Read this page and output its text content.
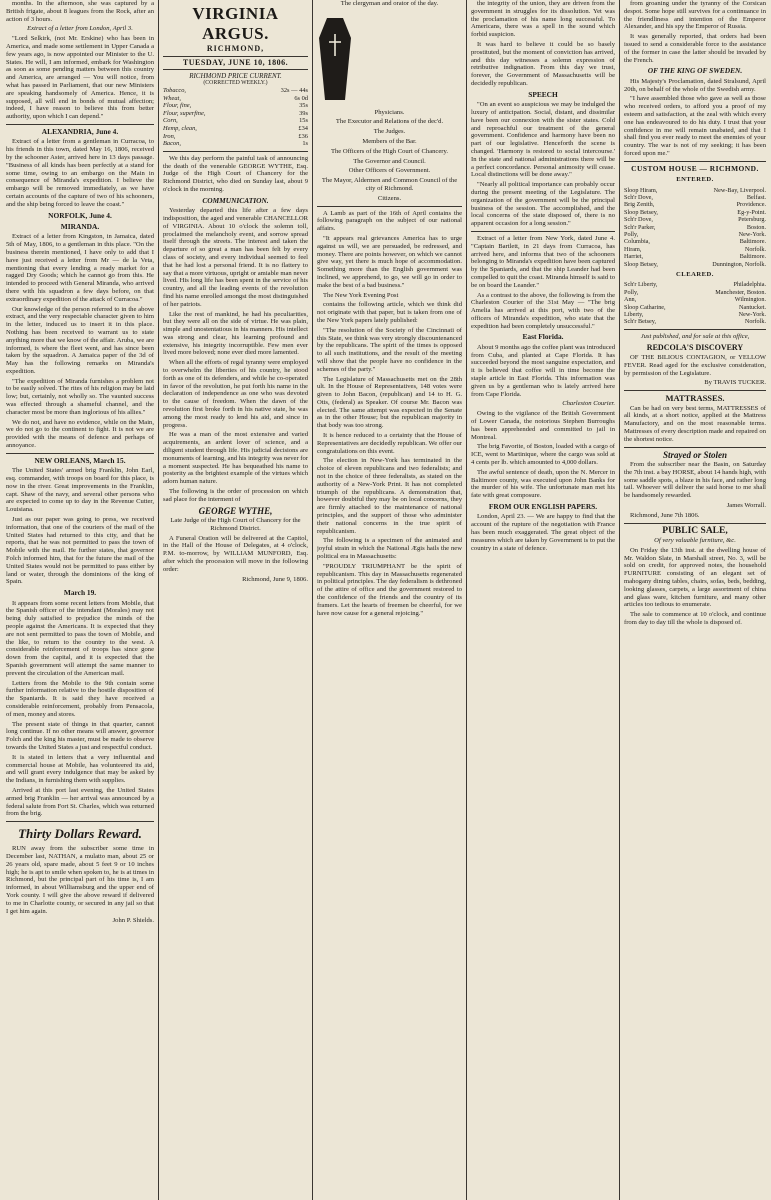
months. In the afternoon, she was captured by a British frigate, about 8 leagues from the Rock, after an action of 3 hours.

Extract of a letter from London, April 3.

"Lord Selkirk, (not Mr. Erskine) who has been in America, and made some settlement in Upper Canada a few years ago, is now appointed our Minister to the U. States. He will, I am informed, embark for Washington as soon as some pending matters between this country and America, are arranged — You will notice, from what has passed in Parliament, that our new Ministers are speaking handsomely of America. Hence, it is supposed, all will end in bonds of mutual affection; indeed, I have reason to believe this from better authority, upon which I can depend."

ALEXANDRIA, June 4.

Extract of a letter from a gentleman in Curracoa, to his friends in this town, dated May 16, 1806, received by the schooner Aster, arrived here in 13 days passage. "Business of all kinds has been perfectly at a stand for some time, owing to an embargo on the Main in consequence of Miranda's expedition. I believe the embargo will be removed immediately, as we have certain accounts of the capture of two of his schooners, and the ship being forced to leave the coast."

NORFOLK, June 4.
MIRANDA.

Extract of a letter from Kingston, in Jamaica, dated 5th of May, 1806, to a gentleman in this place. "On the business therein mentioned, I have only to add that I have just received a letter from Mr — de la Veta, mentioning that every lending a ready market for a ragged Dry Goods; which he cannot go from this. He intended to proceed with General Miranda, who arrived there with his squadron a few days before, on that extraordinary expedition of the attack of Curracoa."

Our knowledge of the person referred to in the above extract, and the very respectable character given to him in the letter, induced us to insert it in this place. Nothing has been received to warrant us to state anything more that we know of the affair. Aruba, we are informed, is where the fleet went, and has since been taken by the squadron. A Jamaica paper of the 3d of May has the following remarks on Miranda's expedition.

"The expedition of Miranda furnishes a problem not to be easily solved. The rites of his religion may be laid low; but, certainly, not wholly so. The vaunted success was effected through a shameful channel, and the character most be more than inglorious of his allies."

We do not, and have no evidence, while on the Main, we do not go to the continent to fight. It is not we are provided with the means of defence and perhaps of annoyance.

NEW ORLEANS, March 15.

The United States' armed brig Franklin, John Earl, esq. commander, with troops on board for this place, is now in the river. Great improvements in the Franklin, capt. Shaw of the navy, and several other persons who are expected to come up to day in the Revenue Cutter, Louisiana.

Just as our paper was going to press, we received information, that one of the couriers of the mail of the United States had returned to this city, and that he reports, that he was not permitted to pass the town of Mobile with the mail. He further states, that governor Folch informed him, that for the future the mail of the United States would not be permitted to pass either by land or water, through the dominions of the king of Spain.

March 19.

It appears from some recent letters from Mobile, that the Spanish officer of the intendant (Morales) may not being duly satisfied to prejudice the minds of the people against the Americans. It is expected that they are not sent permitted to pass the town of Mobile, and the like, to return to the country to the west. A considerable reinforcement of troops has since gone down from the capital, and it is expected that the Spanish government will attempt the same manner to prevent the circulation of the American mail.

Letters from the Mobile to the 9th contain some further information relative to the hostile disposition of the Spaniards. It is said they have received a considerable reinforcement, probably from Pensacola, of men, money and stores.

The present state of things in that quarter, cannot long continue. If no other means will answer, governor Folch and the king his master, must be made to observe towards the United States a just and respectful conduct.

It is stated in letters that a very influential and commercial house at Mobile, has volunteered its aid, and will grant every indulgence that may be asked by the Indians, in furnishing them with supplies.

Arrived at this port last evening, the United States armed brig Franklin — her arrival was announced by a federal salute from Fort St. Charles, which was returned from the brig.

Thirty Dollars Reward.

RUN away from the subscriber some time in December last, NATHAN, a mulatto man, about 25 or 26 years old, spare made, about 5 feet 9 or 10 inches high; he is apt to smile when spoken to, he is at times in Richmond, but the principal part of his time is, I am informed, in about Williamsburg and the upper end of York county. I will give the above reward if delivered to me in Charlotte county, or secured in any jail so that I get him again.

John P. Shields.

VIRGINIA ARGUS.
RICHMOND,
TUESDAY, JUNE 10, 1806.
RICHMOND PRICE CURRENT.
(CORRECTED WEEKLY.)
Tobacco,	32s — 44s
Wheat,	6s 0d
Flour, fine,	35s
Flour, superfine,	39s
Corn,	15s
Hemp, clean,	£34
Iron,	£36
Bacon,	1s

We this day perform the painful task of announcing the death of the venerable GEORGE WYTHE, Esq. Judge of the High Court of Chancery for the Richmond District, who died on Sunday last, about 9 o'clock in the morning.

COMMUNICATION.

Yesterday departed this life after a few days indisposition, the aged and venerable CHANCELLOR of VIRGINIA. About 10 o'clock the solemn toll, proclaimed the melancholy event, and sorrow spread itself through the streets. The interest and taken the departure of so great a man has been felt by every class of society, and every individual seemed to feel that he had lost a personal friend. It is no flattery to say that a more virtuous, upright or amiable man never lived. His long life has been spent in the service of his country, and all the leading events of the revolution find his name enrolled amongst the most distinguished of her patriots.

Like the rest of mankind, he had his peculiarities, but they were all on the side of virtue. He was plain, simple and unostentatious in his manners. His intellect was strong and clear, his learning profound and extensive, his integrity incorruptible. Few men ever lived more beloved; none ever died more lamented.

When all the efforts of regal tyranny were employed to overwhelm the liberties of his country, he stood forth as one of its defenders, and while he co-operated in favor of the revolution, he put forth his name in the declaration of independence as one who was devoted to the cause of freedom. When the dawn of the revolution first broke forth in his native state, he was among the most ready to lend his aid, and since in progress.

He was a man of the most extensive and varied acquirements, an ardent lover of science, and a diligent student through life. His judicial decisions are monuments of learning, and his integrity was never for a moment suspected. He has bequeathed his name to posterity as the brightest example of the virtues which adorn human nature.

The following is the order of procession on which sad place for the interment of

GEORGE WYTHE,

Late Judge of the High Court of Chancery for the Richmond District.

A Funeral Oration will be delivered at the Capitol, in the Hall of the House of Delegates, at 4 o'clock, P.M. to-morrow, by WILLIAM MUNFORD, Esq. after which the procession will move in the following order:

Richmond, June 9, 1806.

The clergyman and orator of the day.

Physicians.

The Executor and Relations of the dec'd.

The Judges.

Members of the Bar.

The Officers of the High Court of Chancery.

The Governor and Council.

Other Officers of Government.

The Mayor, Aldermen and Common Council of the city of Richmond.

Citizens.

A Lamb as part of the 16th of April contains the following paragraph on the subject of our national affairs.

"It appears real grievances America has to urge against us will, we are persuaded, be redressed, and money. There are points however, on which we cannot give way, yet there is much hope of accommodation. Something more than the English government was inclined, we apprehend, to go, we will go in order to make the best of a bad business."

The New York Evening Post

contains the following article, which we think did not originate with that paper, but is taken from one of the New York papers lately published:

"The resolution of the Society of the Cincinnati of this State, we think was very strongly discountenanced by the republicans. The spirit of the times is opposed to all such institutions, and the result of the meeting will show that the people have no confidence in the schemes of the party."

The Legislature of Massachusetts met on the 28th ult. In the House of Representatives, 148 votes were given to John Bacon, (republican) and 14 to H. G. Otis, (federal) as Speaker. Of course Mr. Bacon was elected. The same attempt was expected in the Senate as in the other House; but the republican majority in that body was too strong.

It is hence reduced to a certainty that the House of Representatives are decidedly republican. We offer our congratulations on this event.

The election in New-York has terminated in the choice of eleven republicans and two federalists; and not in the choice of three federalists, as stated on the authority of a New-York Print. It has not completed triumph of the republicans. A demonstration that, however doubtful they may be on local concerns, they are firmly attached to the maintenance of national principles, and the support of those who administer their national concerns in the true spirit of republicanism.

The following is a specimen of the animated and joyful strain in which the National Ægis hails the new political era in Massachusetts:

"PROUDLY TRIUMPHANT be the spirit of republicanism. This day in Massachusetts regenerated in political principles. The day federalism is dethroned of the attire of office and the government restored to the confidence of the friends and the country of its framers. Let the hearts of freemen be cheerful, for we have now cause for a general rejoicing."

the integrity of the union, they are driven from the government in struggles for its dissolution. Yet was the proclamation of his name long successful. To Americans, there was a spell in the sound which forbid suspicion.

It was hard to believe it could be so basely prostituted, but the moment of conviction has arrived, and this day witnesses a solemn expression of retributive indignation. From this day we trust, forever, the Government of Massachusetts will be decidedly republican.

SPEECH

"On an event so auspicious we may be indulged the luxury of anticipation. Social, distant, and dissimilar have been our connexion with the sister states. Cold and reproachful our treatment of the general government. Confidence and harmony have been no part of our legislative. Henceforth the scene is changed. 'Harmony is restored to social intercourse.' In the state and national administrations there will be a perfect concordance. Personal animosity will cease. Local distinctions will be done away."

"Nearly all political importance can probably occur during the present meeting of the Legislature. The organization of the government will be the principal business of the session. The accomplished, and the local concerns of the state disposed of, there is no apparent occasion for a long session."

Extract of a letter from New York, dated June 4. "Captain Bartlett, in 21 days from Curracoa, has arrived here, and informs that two of the schooners belonging to Miranda's expedition have been captured by the Spaniards, and that the ship Leander had been compelled to quit the coast. Miranda himself is said to be on board the Leander."

As a contrast to the above, the following is from the Charleston Courier of the 31st May — "The brig Amelia has arrived at this port, with two of the officers of Miranda's expedition, who state that the expedition had been completely unsuccessful."

East Florida.

About 9 months ago the coffee plant was introduced from Cuba, and planted at Cape Florida. It has succeeded beyond the most sanguine expectation, and it is believed that coffee will in time become the staple article in East Florida. This information was given us by a gentleman who is lately arrived here from Cape Florida.

Charleston Courier.

Owing to the vigilance of the British Government of Lower Canada, the notorious Stephen Burroughs has been apprehended and committed to jail in Montreal.

The brig Favorite, of Boston, loaded with a cargo of ICE, went to Martinique, where the cargo was sold at 4 cents per lb. which amounted to 4,000 dollars.

The awful sentence of death, upon the N. Mercer in Baltimore county, was executed upon John Banks for the murder of his wife. The unfortunate man met his fate with great composure.

FROM OUR ENGLISH PAPERS.

London, April 23. — We are happy to find that the account of the rupture of the negotiation with France has been much exaggerated. The great object of the measures which are taken by Government is to put the country in a state of defence.

from groaning under the tyranny of the Corsican despot. Some hope still survives for a continuance in the friendliness and intention of the Emperor Alexander, and his spy the Emperor of Russia.

It was generally reported, that orders had been issued to send a considerable force to the assistance of the former in case the latter should be invaded by the French.

OF THE KING OF SWEDEN.

His Majesty's Proclamation, dated Stralsund, April 20th, on behalf of the whole of the Swedish army.

"I have assembled those who gave as well as those who received orders, to afford you a proof of my esteem and satisfaction, at the zeal with which every one has endeavoured to do his duty. I trust that your confidence in me will remain unabated, and that I shall find you ever ready to meet the enemies of your country. The war is not of my seeking; it has been forced upon me."

CUSTOM HOUSE — RICHMOND.
ENTERED.
Sloop Hiram,	New-Bay, Liverpool.
Sch'r Dove,	Belfast.
Brig Zenith,	Providence.
Sloop Betsey,	Eg-y-Point.
Sch'r Dove,	Petersburg.
Sch'r Parker,	Boston.
Polly,	New-York.
Columbia,	Baltimore.
Hiram,	Norfolk.
Harriet,	Baltimore.
Sloop Betsey,	Dunnington, Norfolk.
CLEARED.
Sch'r Liberty,	Philadelphia.
Polly,	Manchester, Boston.
Ann,	Wilmington.
Sloop Catharine,	Nantucket.
Liberty,	New-York.
Sch'r Betsey,	Norfolk.

Just published, and for sale at this office,

REDCOLA'S DISCOVERY

OF THE BILIOUS CONTAGION, or YELLOW FEVER. Read aged for the exclusive consideration, by permission of the Legislature.

By TRAVIS TUCKER.

MATTRASSES.

Can be had on very best terms, MATTRESSES of all kinds, at a short notice, applied at the Mattress Manufactory, and on the most reasonable terms. Mattresses of every description made and repaired on the shortest notice.

Strayed or Stolen

From the subscriber near the Basin, on Saturday the 7th inst. a bay HORSE, about 14 hands high, with some saddle spots, a blaze in his face, and rather long tail. Whoever will deliver the said horse to me shall be handsomely rewarded.

James Worrall.

Richmond, June 7th 1806.

PUBLIC SALE,

Of very valuable furniture, &c.

On Friday the 13th inst. at the dwelling house of Mr. Waldon Slate, in Marshall street, No. 3, will be sold on credit, for approved notes, the household FURNITURE consisting of an elegant set of mahogany dining tables, chairs, sofas, beds, bedding, looking glasses, carpets, a large assortment of china and glass ware, kitchen furniture, and many other articles too tedious to enumerate.

The sale to commence at 10 o'clock, and continue from day to day till the whole is disposed of.
